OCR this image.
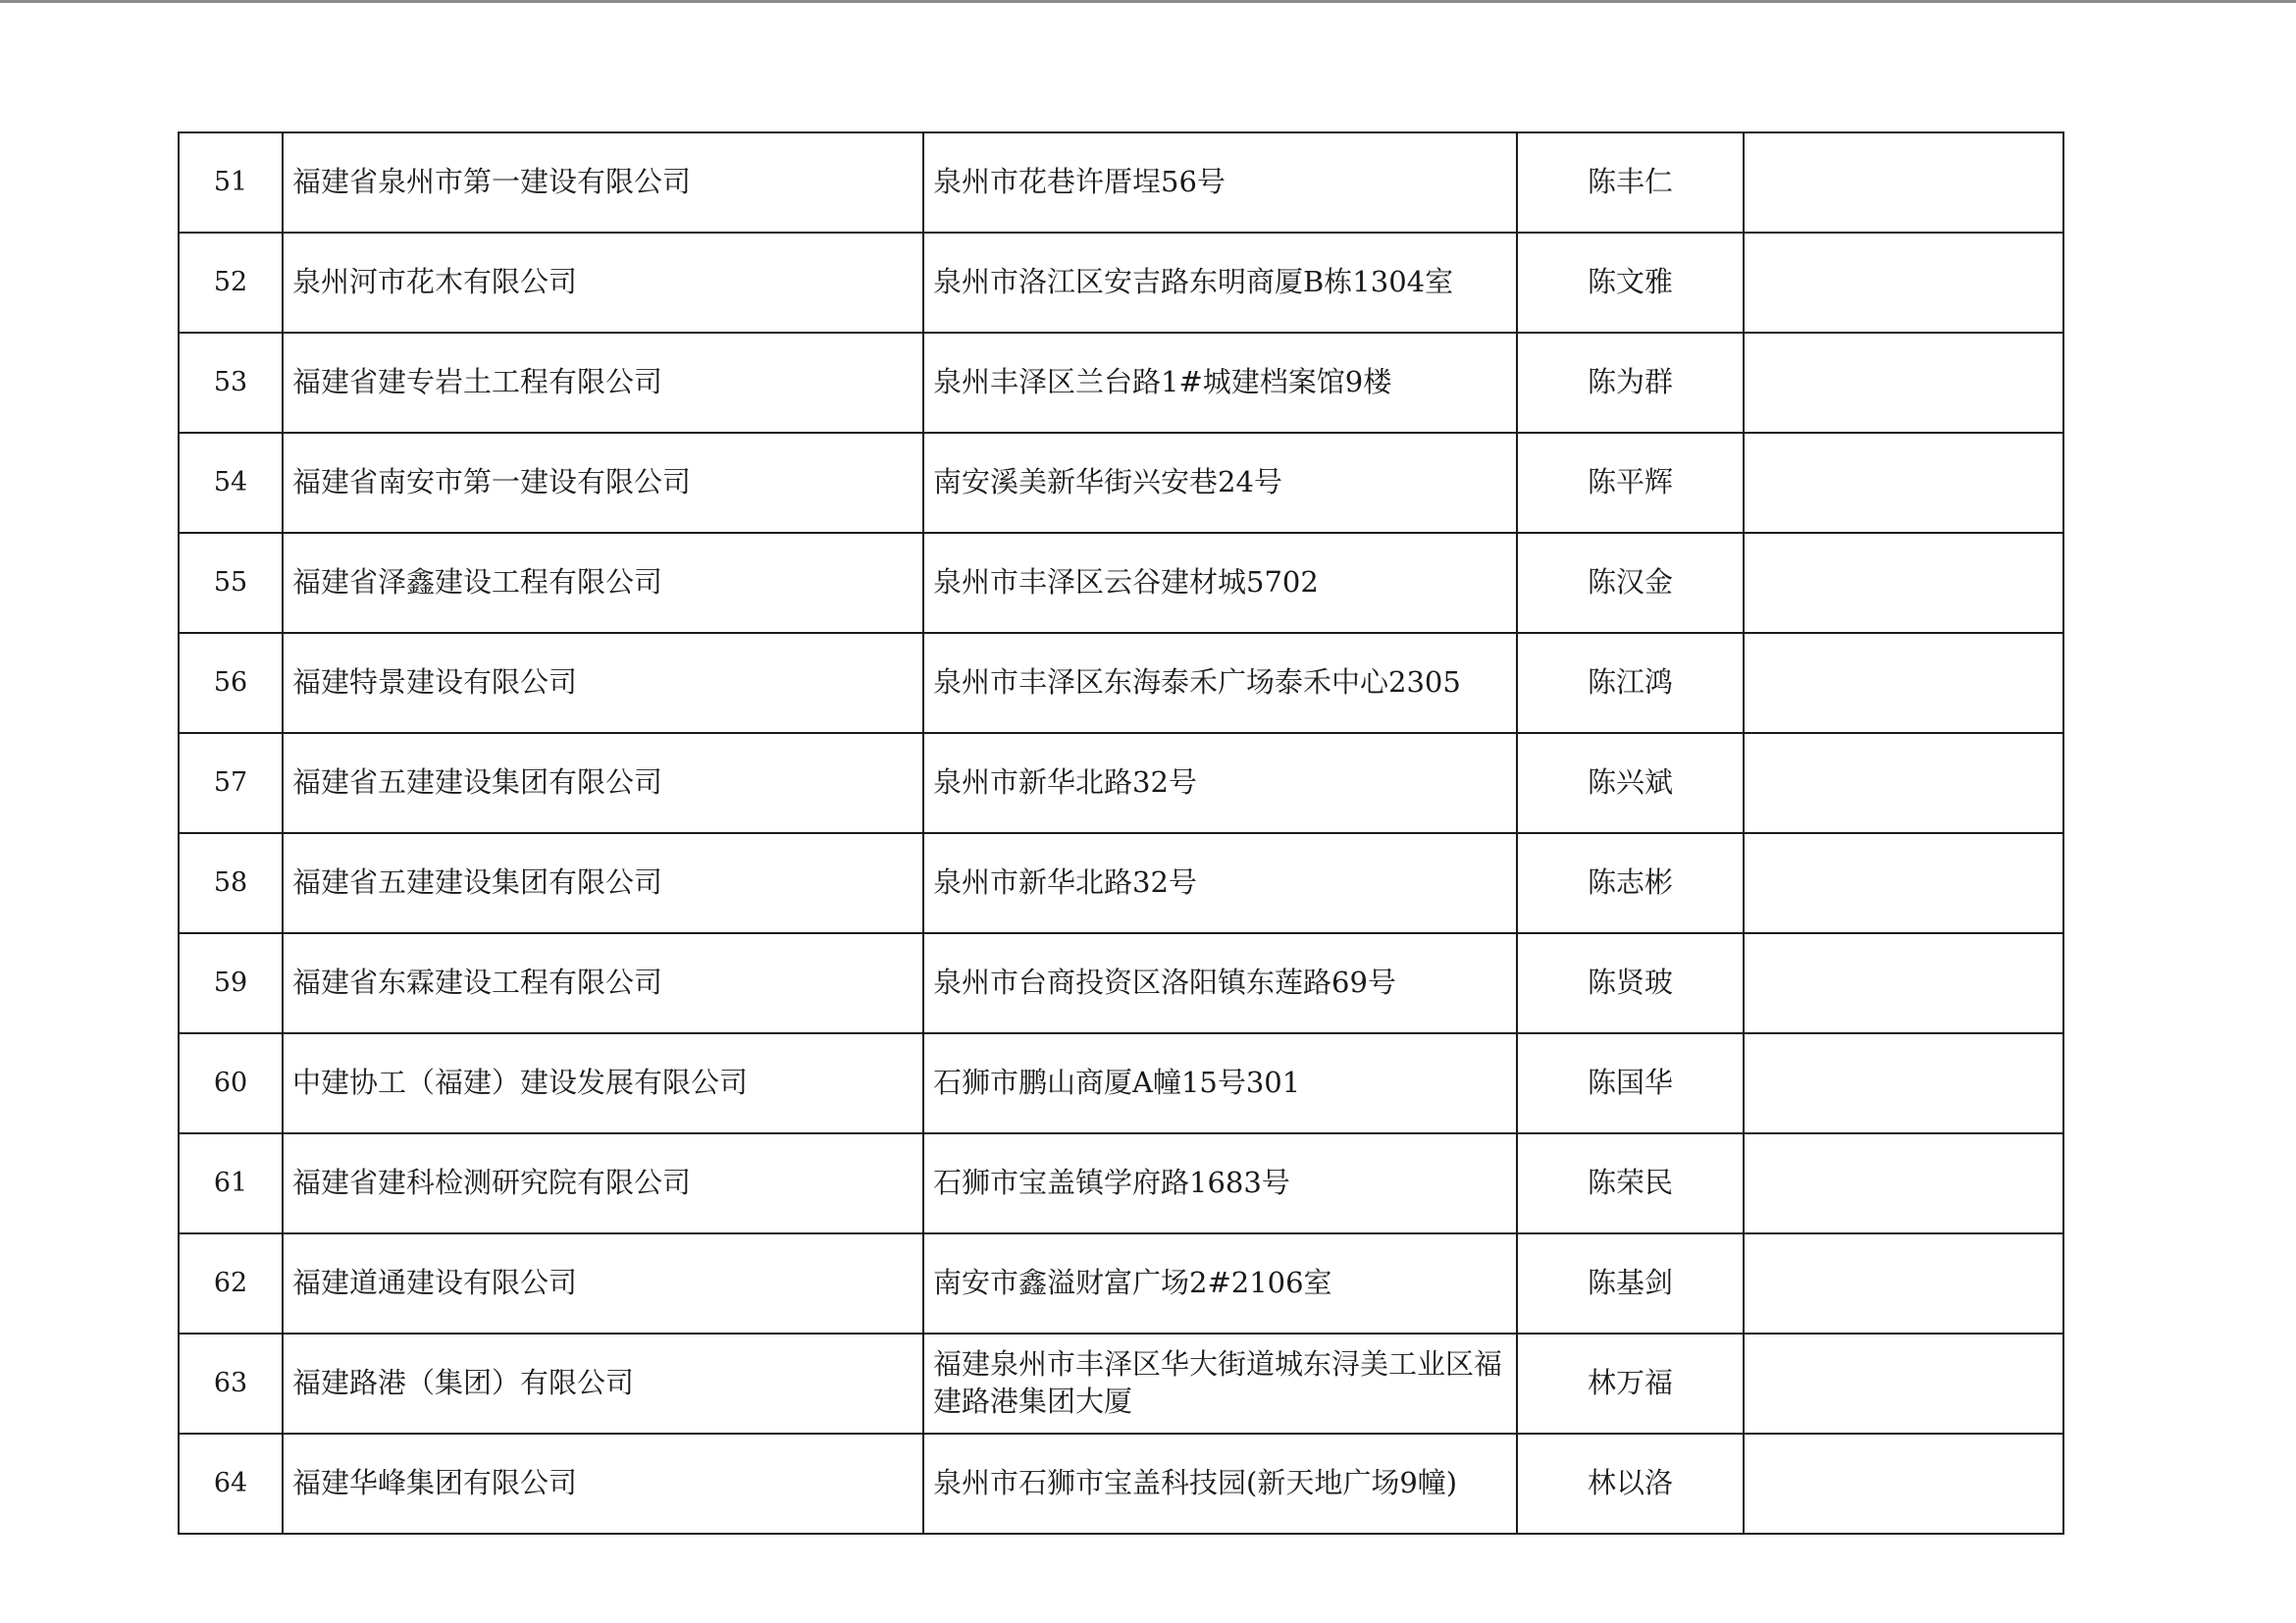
51	福建省泉州市第一建设有限公司	泉州市花巷许厝埕56号	陈丰仁	
52	泉州河市花木有限公司	泉州市洛江区安吉路东明商厦B栋1304室	陈文雅	
53	福建省建专岩土工程有限公司	泉州丰泽区兰台路1#城建档案馆9楼	陈为群	
54	福建省南安市第一建设有限公司	南安溪美新华街兴安巷24号	陈平辉	
55	福建省泽鑫建设工程有限公司	泉州市丰泽区云谷建材城5702	陈汉金	
56	福建特景建设有限公司	泉州市丰泽区东海泰禾广场泰禾中心2305	陈江鸿	
57	福建省五建建设集团有限公司	泉州市新华北路32号	陈兴斌	
58	福建省五建建设集团有限公司	泉州市新华北路32号	陈志彬	
59	福建省东霖建设工程有限公司	泉州市台商投资区洛阳镇东莲路69号	陈贤玻	
60	中建协工（福建）建设发展有限公司	石狮市鹏山商厦A幢15号301	陈国华	
61	福建省建科检测研究院有限公司	石狮市宝盖镇学府路1683号	陈荣民	
62	福建道通建设有限公司	南安市鑫溢财富广场2#2106室	陈基剑	
63	福建路港（集团）有限公司	福建泉州市丰泽区华大街道城东浔美工业区福建路港集团大厦	林万福	
64	福建华峰集团有限公司	泉州市石狮市宝盖科技园(新天地广场9幢)	林以洛	
